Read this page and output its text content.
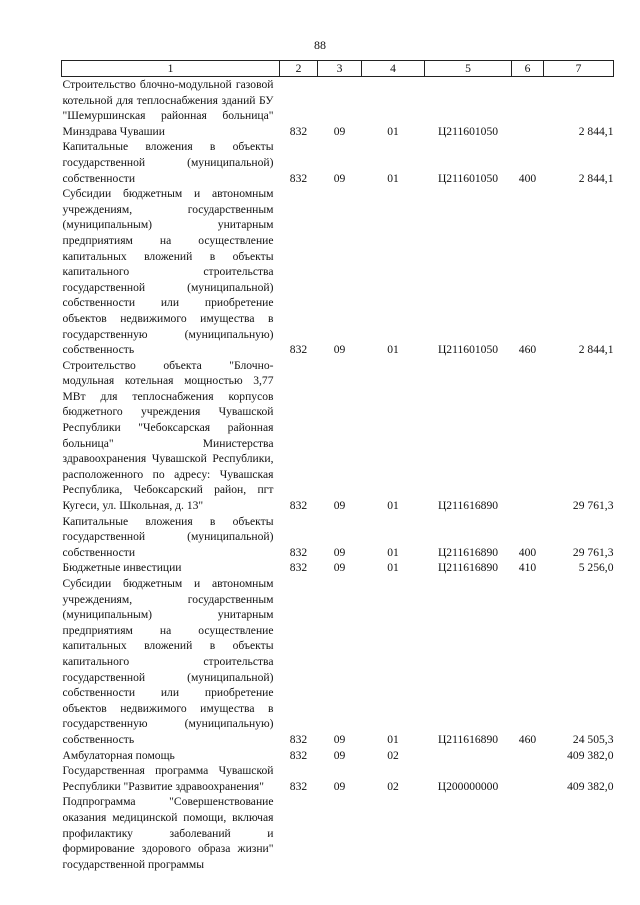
88
1	2	3	4	5	6	7
Строительство блочно-модульной газовой котельной для теплоснабжения зданий БУ "Шемуршинская районная больница" Минздрава Чувашии	832	09	01	Ц211601050		2 844,1
Капитальные вложения в объекты государственной (муниципальной) собственности	832	09	01	Ц211601050	400	2 844,1
Субсидии бюджетным и автономным учреждениям, государственным (муниципальным) унитарным предприятиям на осуществление капитальных вложений в объекты капитального строительства государственной (муниципальной) собственности или приобретение объектов недвижимого имущества в государственную (муниципальную) собственность	832	09	01	Ц211601050	460	2 844,1
Строительство объекта "Блочно-модульная котельная мощностью 3,77 МВт для теплоснабжения корпусов бюджетного учреждения Чувашской Республики "Чебоксарская районная больница" Министерства здравоохранения Чувашской Республики, расположенного по адресу: Чувашская Республика, Чебоксарский район, пгт Кугеси, ул. Школьная, д. 13"	832	09	01	Ц211616890		29 761,3
Капитальные вложения в объекты государственной (муниципальной) собственности	832	09	01	Ц211616890	400	29 761,3
Бюджетные инвестиции	832	09	01	Ц211616890	410	5 256,0
Субсидии бюджетным и автономным учреждениям, государственным (муниципальным) унитарным предприятиям на осуществление капитальных вложений в объекты капитального строительства государственной (муниципальной) собственности или приобретение объектов недвижимого имущества в государственную (муниципальную) собственность	832	09	01	Ц211616890	460	24 505,3
Амбулаторная помощь	832	09	02			409 382,0
Государственная программа Чувашской Республики "Развитие здравоохранения"	832	09	02	Ц200000000		409 382,0
Подпрограмма "Совершенствование оказания медицинской помощи, включая профилактику заболеваний и формирование здорового образа жизни" государственной программы						
